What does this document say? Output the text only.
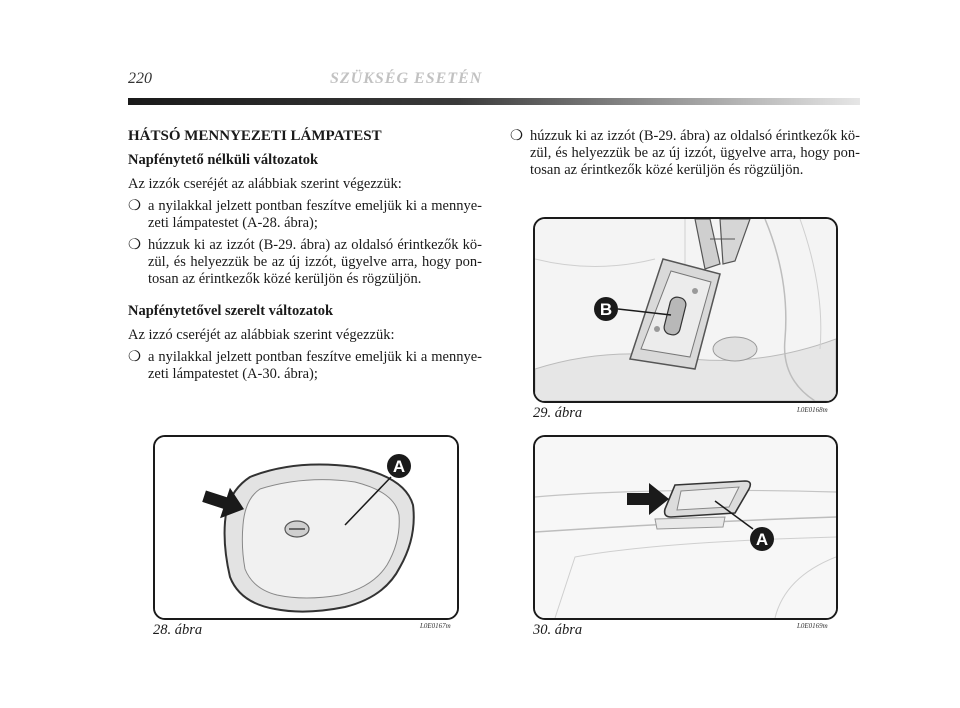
220	SZÜKSÉG ESETÉN

HÁTSÓ MENNYEZETI LÁMPATEST

Napfénytető nélküli változatok

Az izzók cseréjét az alábbiak szerint végezzük:

❍ a nyilakkal jelzett pontban feszítve emeljük ki a mennye-zeti lámpatestet (A-28. ábra);
❍ húzzuk ki az izzót (B-29. ábra) az oldalsó érintkezők kö-zül, és helyezzük be az új izzót, ügyelve arra, hogy pon-tosan az érintkezők közé kerüljön és rögzüljön.

Napfénytetővel szerelt változatok

Az izzó cseréjét az alábbiak szerint végezzük:

❍ a nyilakkal jelzett pontban feszítve emeljük ki a mennye-zeti lámpatestet (A-30. ábra);
❍ húzzuk ki az izzót (B-29. ábra) az oldalsó érintkezők kö-zül, és helyezzük be az új izzót, ügyelve arra, hogy pon-tosan az érintkezők közé kerüljön és rögzüljön.
B
29. ábra	L0E0168m
A
28. ábra	L0E0167m
A
30. ábra	L0E0169m
